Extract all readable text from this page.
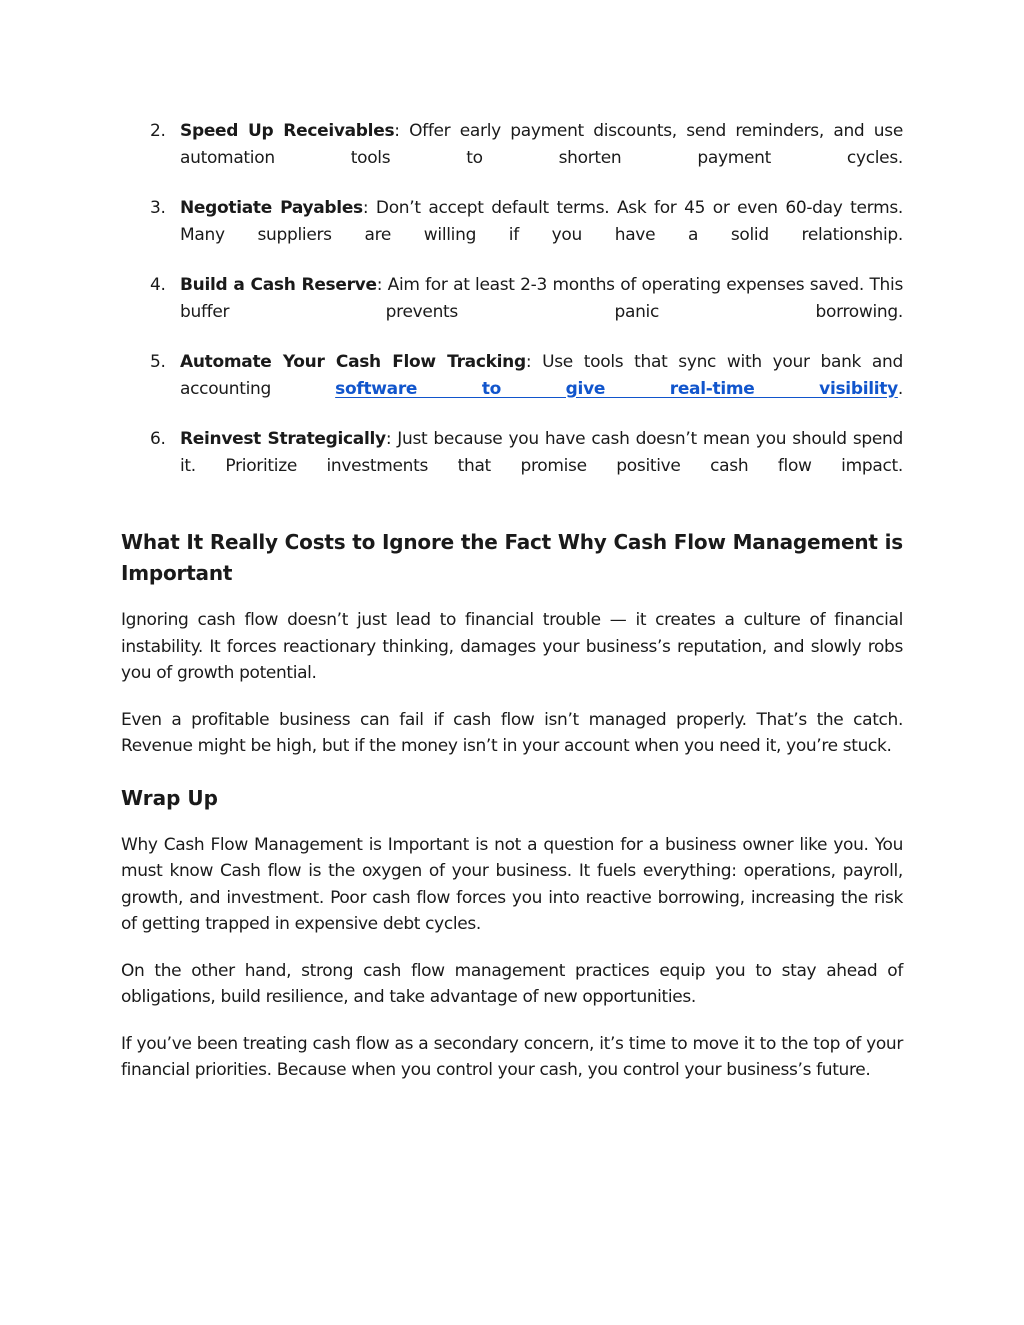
2. Speed Up Receivables: Offer early payment discounts, send reminders, and use automation tools to shorten payment cycles.
3. Negotiate Payables: Don’t accept default terms. Ask for 45 or even 60-day terms. Many suppliers are willing if you have a solid relationship.
4. Build a Cash Reserve: Aim for at least 2-3 months of operating expenses saved. This buffer prevents panic borrowing.
5. Automate Your Cash Flow Tracking: Use tools that sync with your bank and accounting software to give real-time visibility.
6. Reinvest Strategically: Just because you have cash doesn’t mean you should spend it. Prioritize investments that promise positive cash flow impact.
What It Really Costs to Ignore the Fact Why Cash Flow Management is Important

Ignoring cash flow doesn’t just lead to financial trouble — it creates a culture of financial instability. It forces reactionary thinking, damages your business’s reputation, and slowly robs you of growth potential.

Even a profitable business can fail if cash flow isn’t managed properly. That’s the catch. Revenue might be high, but if the money isn’t in your account when you need it, you’re stuck.

Wrap Up

Why Cash Flow Management is Important is not a question for a business owner like you. You must know Cash flow is the oxygen of your business. It fuels everything: operations, payroll, growth, and investment. Poor cash flow forces you into reactive borrowing, increasing the risk of getting trapped in expensive debt cycles.

On the other hand, strong cash flow management practices equip you to stay ahead of obligations, build resilience, and take advantage of new opportunities.

If you’ve been treating cash flow as a secondary concern, it’s time to move it to the top of your financial priorities. Because when you control your cash, you control your business’s future.
